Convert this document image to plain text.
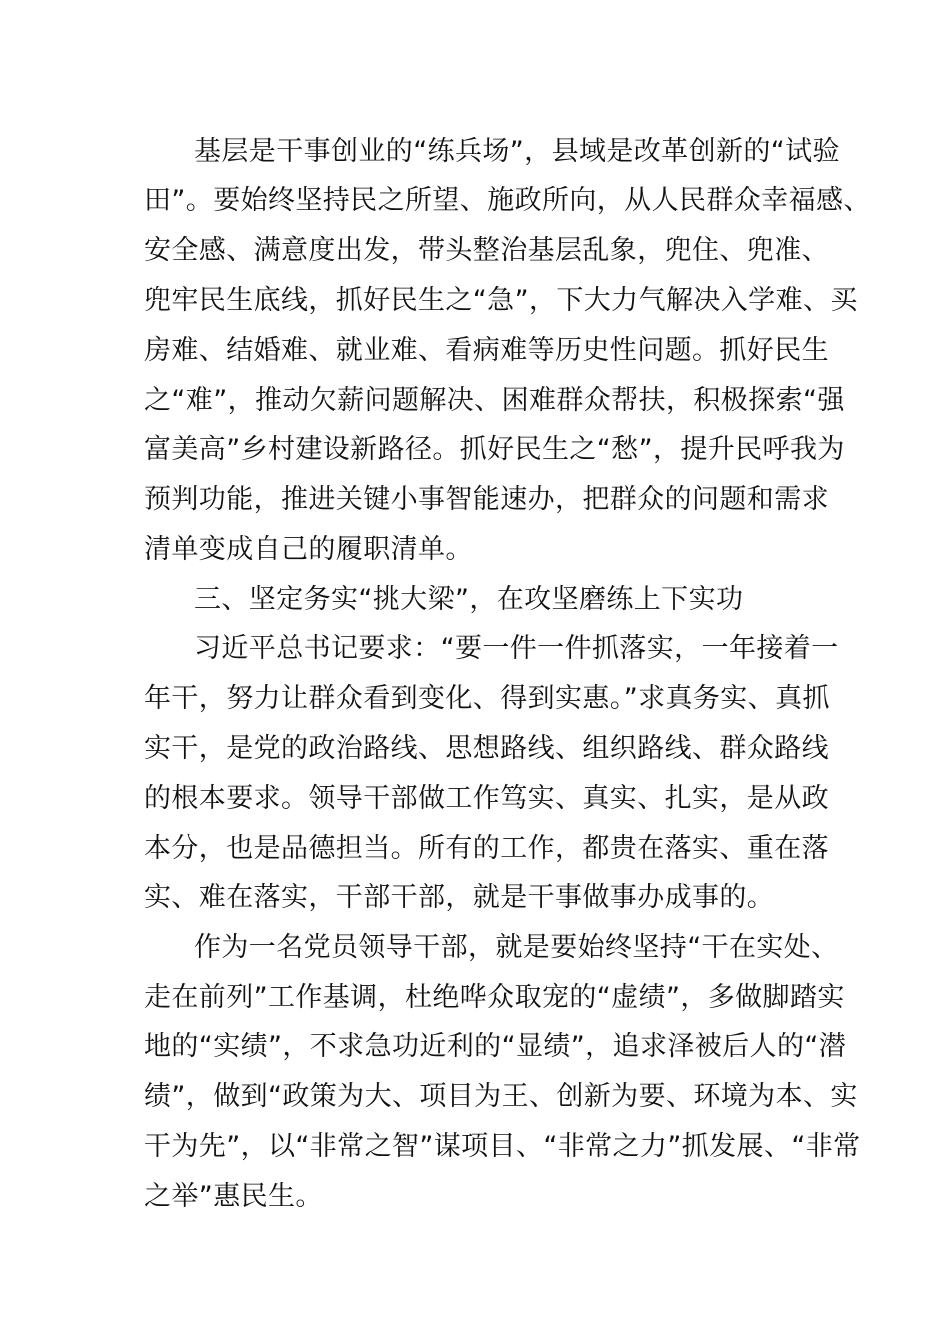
基层是干事创业的“练兵场”，县域是改革创新的“试验
田”。要始终坚持民之所望、施政所向，从人民群众幸福感、
安全感、满意度出发，带头整治基层乱象，兜住、兜准、
兜牢民生底线，抓好民生之“急”，下大力气解决入学难、买
房难、结婚难、就业难、看病难等历史性问题。抓好民生
之“难”，推动欠薪问题解决、困难群众帮扶，积极探索“强
富美高”乡村建设新路径。抓好民生之“愁”，提升民呼我为
预判功能，推进关键小事智能速办，把群众的问题和需求
清单变成自己的履职清单。
三、坚定务实“挑大梁”，在攻坚磨练上下实功
习近平总书记要求：“要一件一件抓落实，一年接着一
年干，努力让群众看到变化、得到实惠。”求真务实、真抓
实干，是党的政治路线、思想路线、组织路线、群众路线
的根本要求。领导干部做工作笃实、真实、扎实，是从政
本分，也是品德担当。所有的工作，都贵在落实、重在落
实、难在落实，干部干部，就是干事做事办成事的。
作为一名党员领导干部，就是要始终坚持“干在实处、
走在前列”工作基调，杜绝哗众取宠的“虚绩”，多做脚踏实
地的“实绩”，不求急功近利的“显绩”，追求泽被后人的“潜
绩”，做到“政策为大、项目为王、创新为要、环境为本、实
干为先”，以“非常之智”谋项目、“非常之力”抓发展、“非常
之举”惠民生。
